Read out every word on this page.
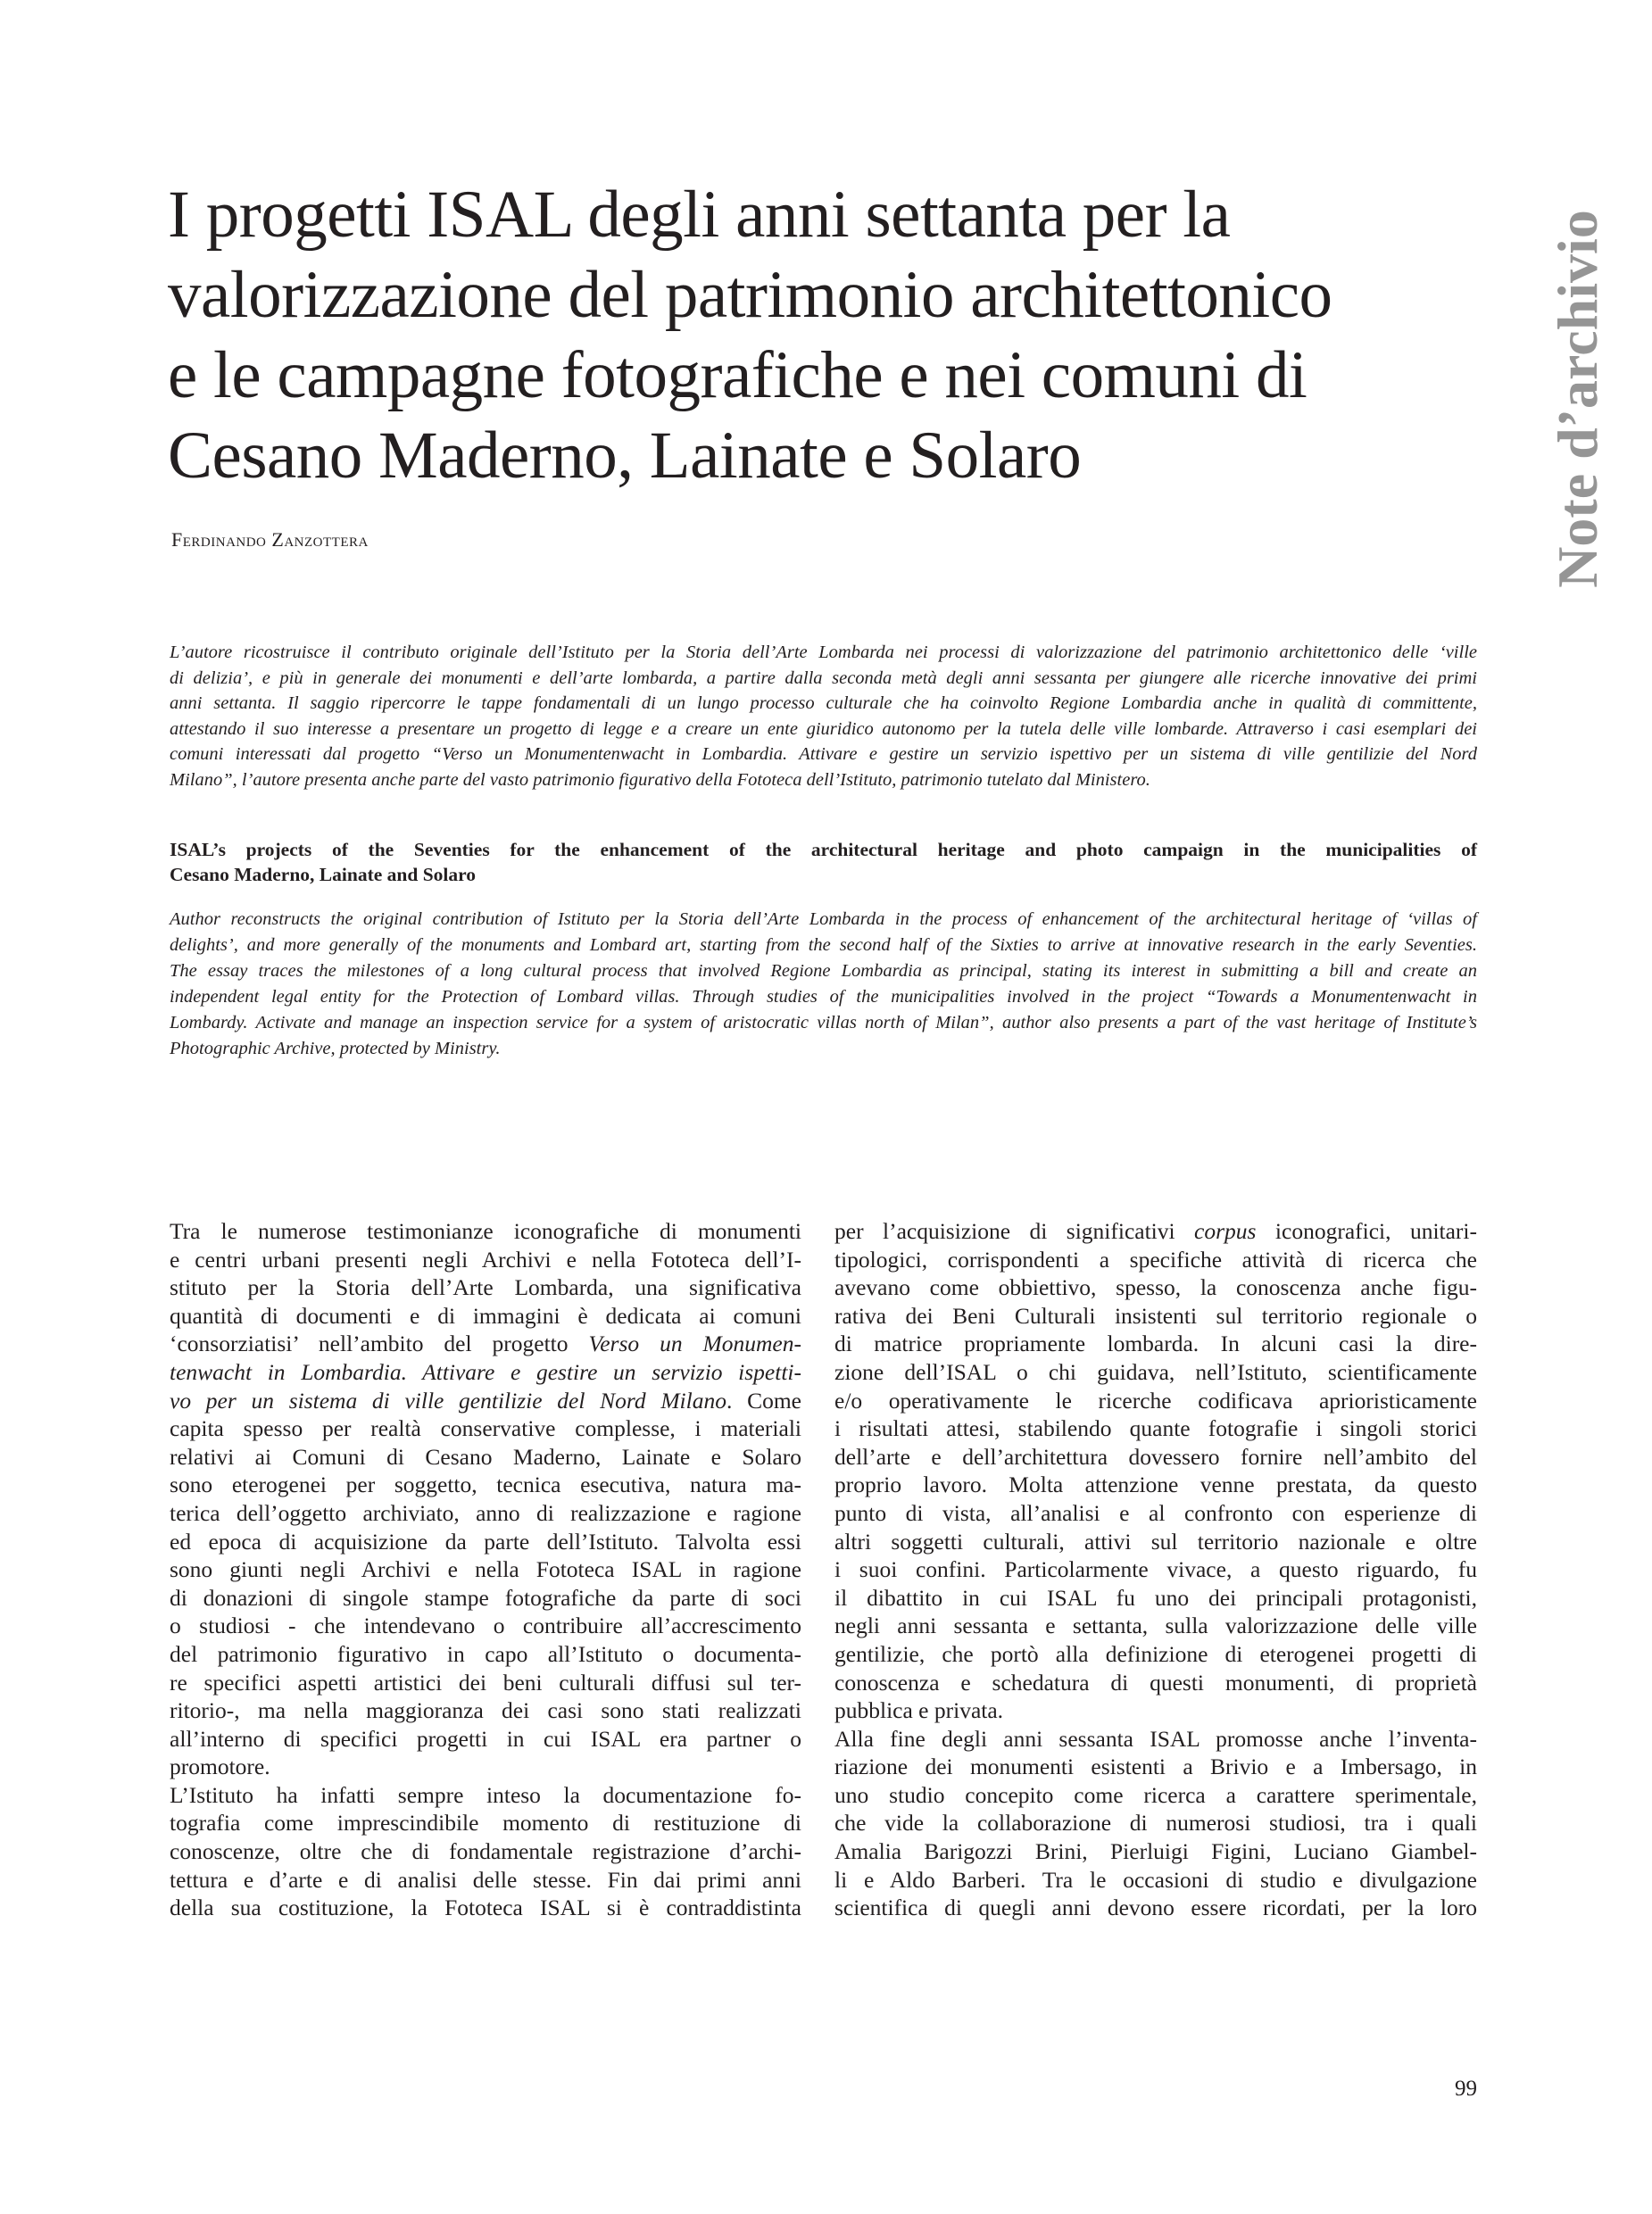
Note d’archivio
I progetti ISAL degli anni settanta per la
valorizzazione del patrimonio architettonico
e le campagne fotografiche e nei comuni di
Cesano Maderno, Lainate e Solaro
Ferdinando Zanzottera
L’autore ricostruisce il contributo originale dell’Istituto per la Storia dell’Arte Lombarda nei processi di valorizzazione del patrimonio architettonico delle ‘ville
di delizia’, e più in generale dei monumenti e dell’arte lombarda, a partire dalla seconda metà degli anni sessanta per giungere alle ricerche innovative dei primi
anni settanta. Il saggio ripercorre le tappe fondamentali di un lungo processo culturale che ha coinvolto Regione Lombardia anche in qualità di committente,
attestando il suo interesse a presentare un progetto di legge e a creare un ente giuridico autonomo per la tutela delle ville lombarde. Attraverso i casi esemplari dei
comuni interessati dal progetto “Verso un Monumentenwacht in Lombardia. Attivare e gestire un servizio ispettivo per un sistema di ville gentilizie del Nord
Milano”, l’autore presenta anche parte del vasto patrimonio figurativo della Fototeca dell’Istituto, patrimonio tutelato dal Ministero.
ISAL’s projects of the Seventies for the enhancement of the architectural heritage and photo campaign in the municipalities of
Cesano Maderno, Lainate and Solaro
Author reconstructs the original contribution of Istituto per la Storia dell’Arte Lombarda in the process of enhancement of the architectural heritage of ‘villas of
delights’, and more generally of the monuments and Lombard art, starting from the second half of the Sixties to arrive at innovative research in the early Seventies.
The essay traces the milestones of a long cultural process that involved Regione Lombardia as principal, stating its interest in submitting a bill and create an
independent legal entity for the Protection of Lombard villas. Through studies of the municipalities involved in the project “Towards a Monumentenwacht in
Lombardy. Activate and manage an inspection service for a system of aristocratic villas north of Milan”, author also presents a part of the vast heritage of Institute’s
Photographic Archive, protected by Ministry.
Tra le numerose testimonianze iconografiche di monumenti
e centri urbani presenti negli Archivi e nella Fototeca dell’I-
stituto per la Storia dell’Arte Lombarda, una significativa
quantità di documenti e di immagini è dedicata ai comuni
‘consorziatisi’ nell’ambito del progetto Verso un Monumen-
tenwacht in Lombardia. Attivare e gestire un servizio ispetti-
vo per un sistema di ville gentilizie del Nord Milano. Come
capita spesso per realtà conservative complesse, i materiali
relativi ai Comuni di Cesano Maderno, Lainate e Solaro
sono eterogenei per soggetto, tecnica esecutiva, natura ma-
terica dell’oggetto archiviato, anno di realizzazione e ragione
ed epoca di acquisizione da parte dell’Istituto. Talvolta essi
sono giunti negli Archivi e nella Fototeca ISAL in ragione
di donazioni di singole stampe fotografiche da parte di soci
o studiosi - che intendevano o contribuire all’accrescimento
del patrimonio figurativo in capo all’Istituto o documenta-
re specifici aspetti artistici dei beni culturali diffusi sul ter-
ritorio-, ma nella maggioranza dei casi sono stati realizzati
all’interno di specifici progetti in cui ISAL era partner o
promotore.
L’Istituto ha infatti sempre inteso la documentazione fo-
tografia come imprescindibile momento di restituzione di
conoscenze, oltre che di fondamentale registrazione d’archi-
tettura e d’arte e di analisi delle stesse. Fin dai primi anni
della sua costituzione, la Fototeca ISAL si è contraddistinta
per l’acquisizione di significativi corpus iconografici, unitari-
tipologici, corrispondenti a specifiche attività di ricerca che
avevano come obbiettivo, spesso, la conoscenza anche figu-
rativa dei Beni Culturali insistenti sul territorio regionale o
di matrice propriamente lombarda. In alcuni casi la dire-
zione dell’ISAL o chi guidava, nell’Istituto, scientificamente
e/o operativamente le ricerche codificava aprioristicamente
i risultati attesi, stabilendo quante fotografie i singoli storici
dell’arte e dell’architettura dovessero fornire nell’ambito del
proprio lavoro. Molta attenzione venne prestata, da questo
punto di vista, all’analisi e al confronto con esperienze di
altri soggetti culturali, attivi sul territorio nazionale e oltre
i suoi confini. Particolarmente vivace, a questo riguardo, fu
il dibattito in cui ISAL fu uno dei principali protagonisti,
negli anni sessanta e settanta, sulla valorizzazione delle ville
gentilizie, che portò alla definizione di eterogenei progetti di
conoscenza e schedatura di questi monumenti, di proprietà
pubblica e privata.
Alla fine degli anni sessanta ISAL promosse anche l’inventa-
riazione dei monumenti esistenti a Brivio e a Imbersago, in
uno studio concepito come ricerca a carattere sperimentale,
che vide la collaborazione di numerosi studiosi, tra i quali
Amalia Barigozzi Brini, Pierluigi Figini, Luciano Giambel-
li e Aldo Barberi. Tra le occasioni di studio e divulgazione
scientifica di quegli anni devono essere ricordati, per la loro
99
